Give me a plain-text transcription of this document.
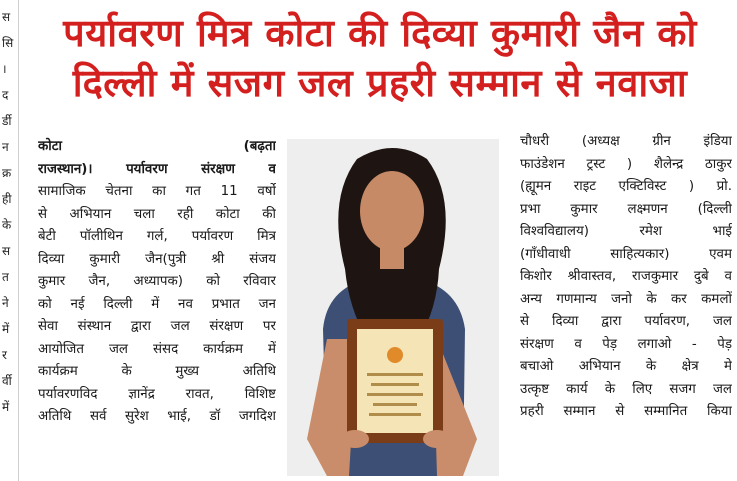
स
सि
।
द
र्डी
न
क्र
ही
के
स
त
ने
में
र
र्वी
में
पर्यावरण मित्र कोटा की दिव्या कुमारी जैन को
दिल्ली में सजग जल प्रहरी सम्मान से नवाजा
कोटा (बढ़ता
राजस्थान)। पर्यावरण संरक्षण व
सामाजिक चेतना का गत 11 वर्षो
से अभियान चला रही कोटा की
बेटी पॉलीथिन गर्ल, पर्यावरण मित्र
दिव्या कुमारी जैन(पुत्री श्री संजय
कुमार जैन, अध्यापक) को रविवार
को नई दिल्ली में नव प्रभात जन
सेवा संस्थान द्वारा जल संरक्षण पर
आयोजित जल संसद कार्यक्रम में
कार्यक्रम के मुख्य अतिथि
पर्यावरणविद ज्ञानेंद्र रावत, विशिष्ट
अतिथि सर्व सुरेश भाई, डॉ जगदिश
चौधरी (अध्यक्ष ग्रीन इंडिया
फाउंडेशन ट्रस्ट ) शैलेन्द्र ठाकुर
(ह्यूमन राइट एक्टिविस्ट ) प्रो.
प्रभा कुमार लक्ष्मणन (दिल्ली
विश्वविद्यालय) रमेश भाई
(गाँधीवाधी साहित्यकार) एवम
किशोर श्रीवास्तव, राजकुमार दुबे व
अन्य गणमान्य जनो के कर कमलों
से दिव्या द्वारा पर्यावरण, जल
संरक्षण व पेड़ लगाओ - पेड़
बचाओ अभियान के क्षेत्र मे
उत्कृष्ट कार्य के लिए सजग जल
प्रहरी सम्मान से सम्मानित किया
